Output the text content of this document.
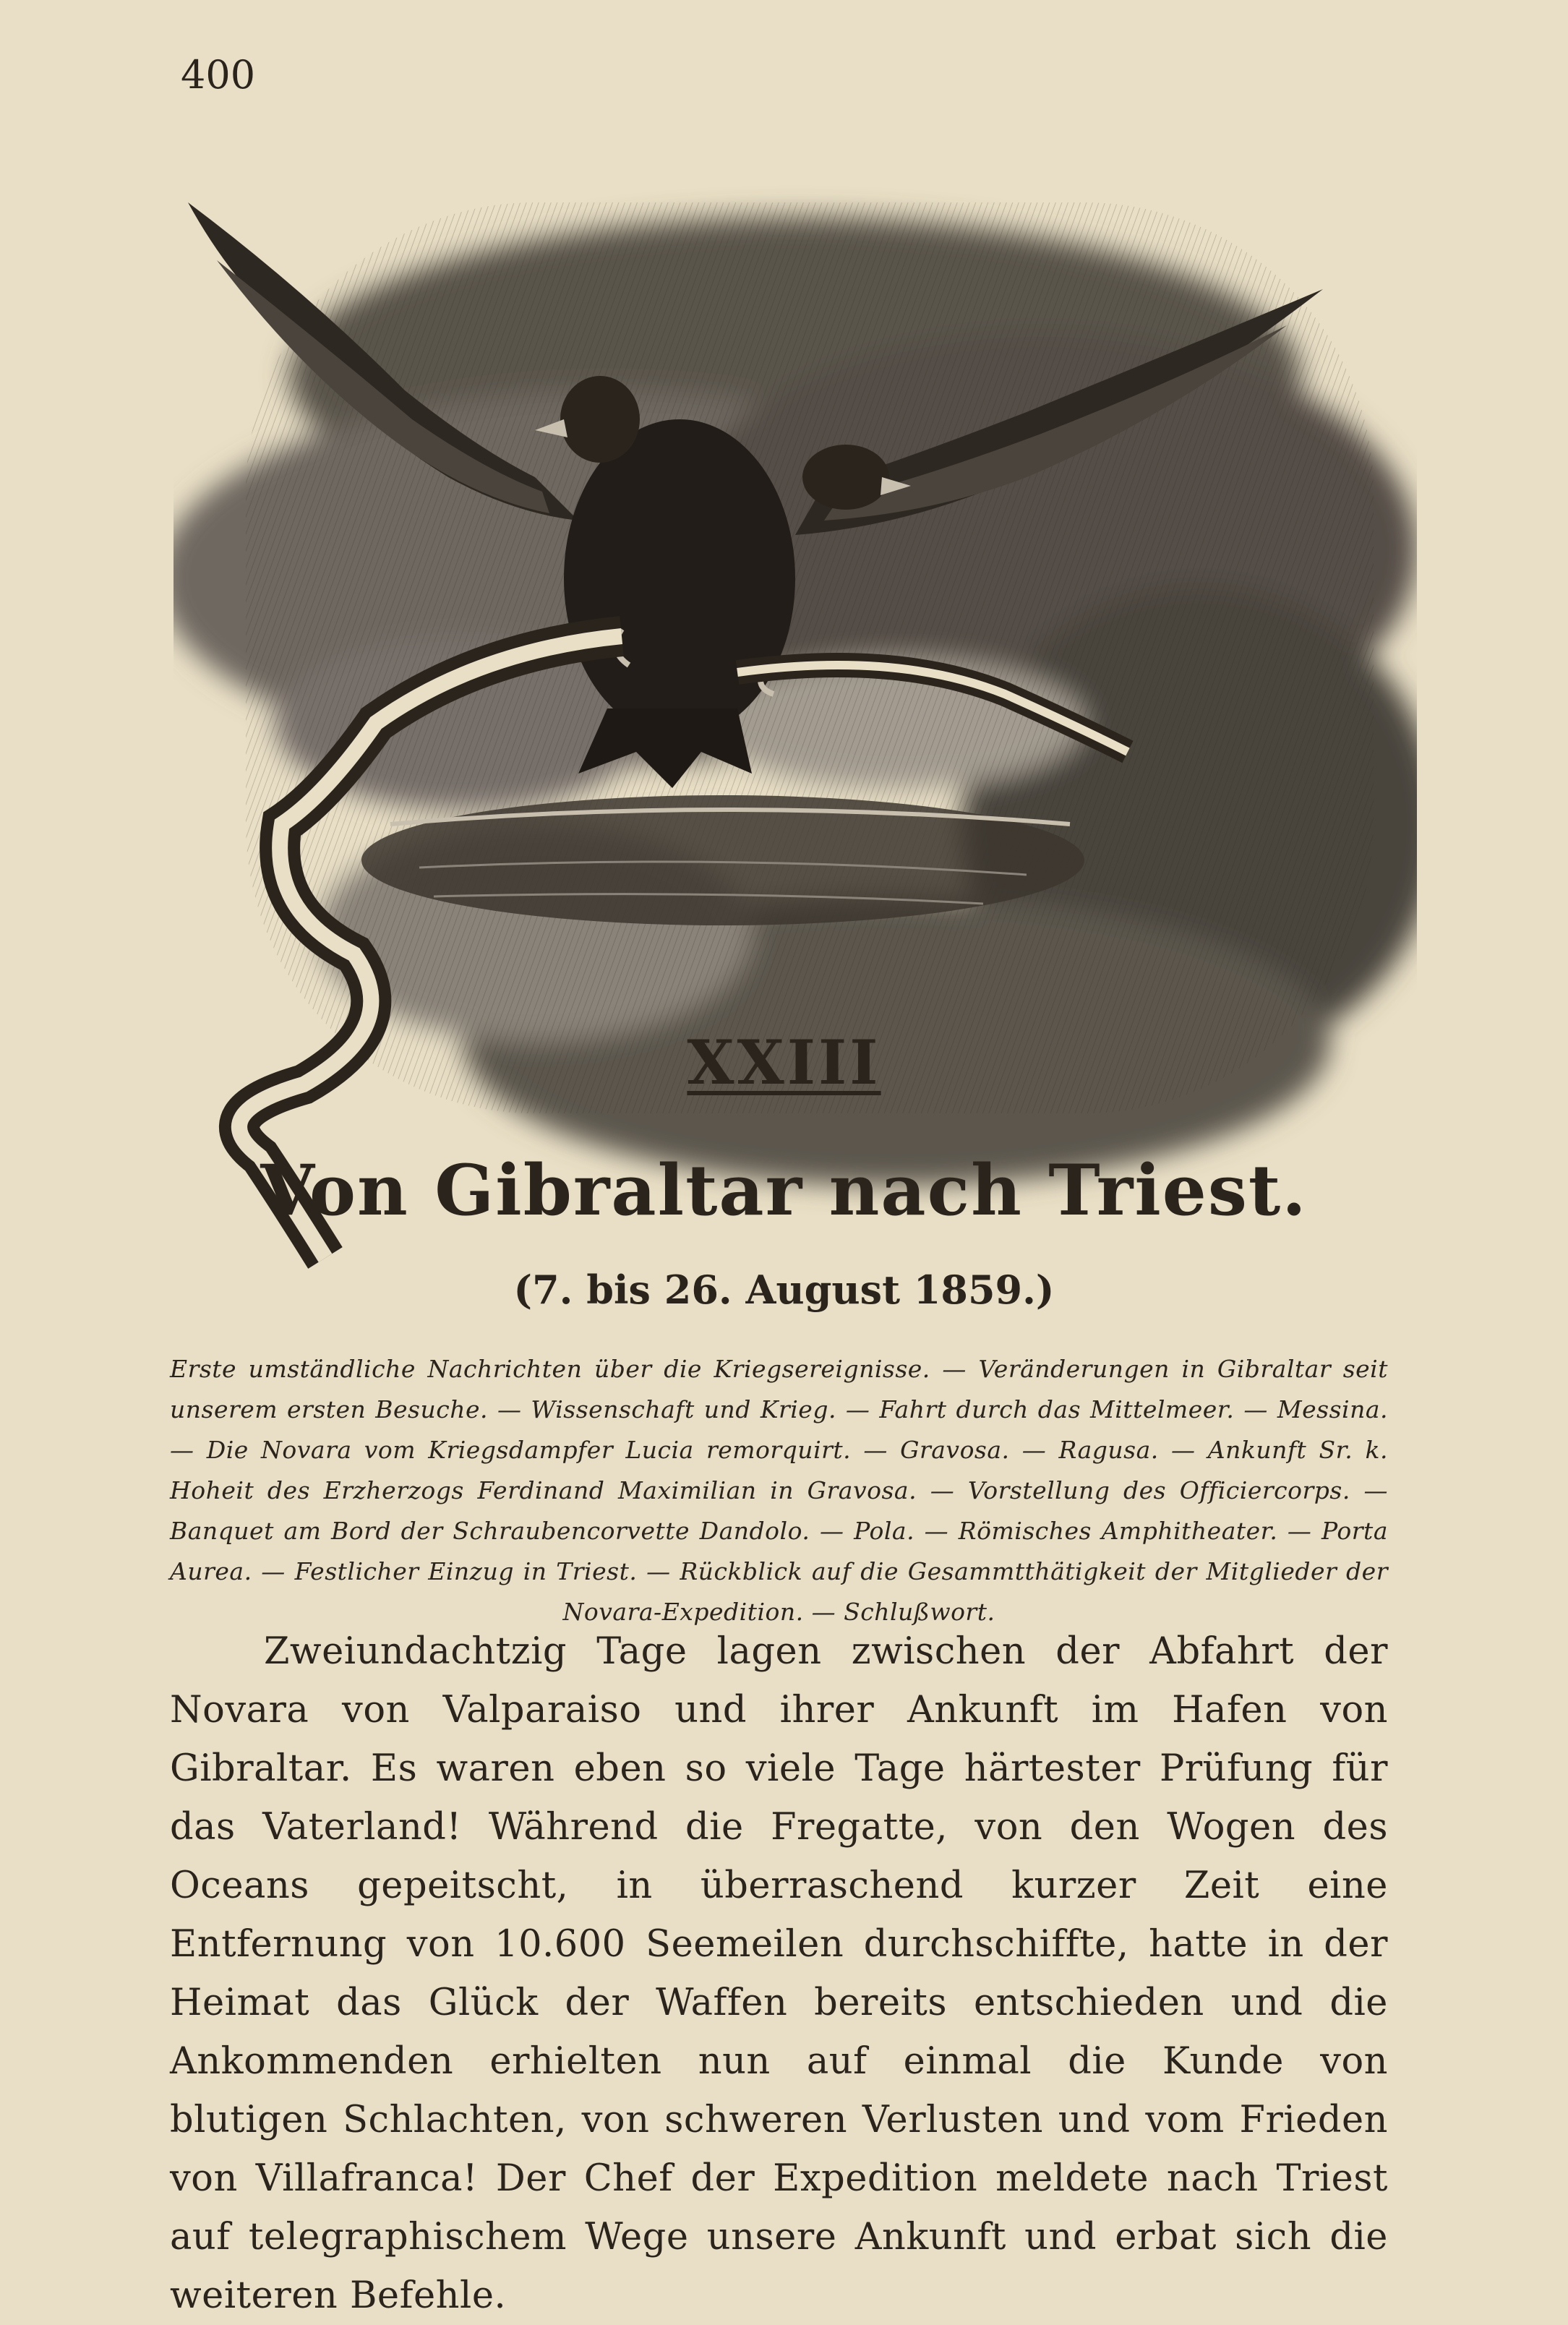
400
XXIII
Von Gibraltar nach Triest.
(7. bis 26. August 1859.)
Erste umständliche Nachrichten über die Kriegsereignisse. — Veränderungen in Gibraltar seit unserem ersten Besuche. — Wissenschaft und Krieg. — Fahrt durch das Mittelmeer. — Messina. — Die Novara vom Kriegsdampfer Lucia remorquirt. — Gravosa. — Ragusa. — Ankunft Sr. k. Hoheit des Erzherzogs Ferdinand Maximilian in Gravosa. — Vorstellung des Officiercorps. — Banquet am Bord der Schraubencorvette Dandolo. — Pola. — Römisches Amphitheater. — Porta Aurea. — Festlicher Einzug in Triest. — Rückblick auf die Gesammtthätigkeit der Mitglieder der Novara-Expedition. — Schlußwort.
Zweiundachtzig Tage lagen zwischen der Abfahrt der Novara von Valparaiso und ihrer Ankunft im Hafen von Gibraltar. Es waren eben so viele Tage härtester Prüfung für das Vaterland! Während die Fregatte, von den Wogen des Oceans gepeitscht, in überraschend kurzer Zeit eine Entfernung von 10.600 Seemeilen durchschiffte, hatte in der Heimat das Glück der Waffen bereits entschieden und die Ankommenden erhielten nun auf einmal die Kunde von blutigen Schlachten, von schweren Verlusten und vom Frieden von Villafranca! Der Chef der Expedition meldete nach Triest auf telegraphischem Wege unsere Ankunft und erbat sich die weiteren Befehle.
